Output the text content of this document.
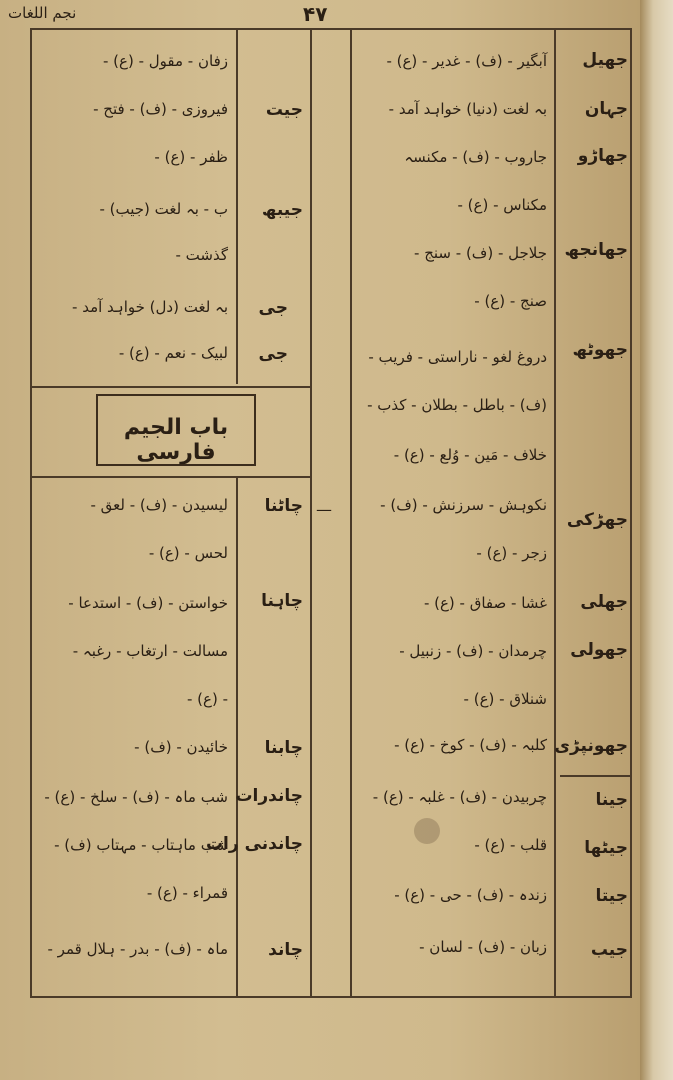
نجم اللغات	۴۷
باب الجیم فارسی
—
جھیل
آبگیر - (ف) - غدیر - (ع) -
جہان
بہ لغت (دنیا) خواہد آمد -
جھاڑو
جاروب - (ف) - مکنسہ
مکناس - (ع) -
جھانجھ
جلاجل - (ف) - سنج -
صنج - (ع) -
جھوٹھ
دروغ لغو - ناراستی - فریب -
(ف) - باطل - بطلان - کذب -
خلاف - مَین - وُلع - (ع) -
جھڑکی
نکوہش - سرزنش - (ف) -
زجر - (ع) -
جھلی
غشا - صفاق - (ع) -
جھولی
چرمدان - (ف) - زنبیل -
شنلاق - (ع) -
جھونپڑی
کلبہ - (ف) - کوخ - (ع) -
جینا
چربیدن - (ف) - غلبہ - (ع) -
جیٹھا
قلب - (ع) -
جیتا
زندہ - (ف) - حی - (ع) -
جیب
زبان - (ف) - لسان -
زفان - مقول - (ع) -
جیت
فیروزی - (ف) - فتح -
ظفر - (ع) -
جیبھ
ب - بہ لغت (جیب) -
گذشت -
جی
بہ لغت (دل) خواہد آمد -
جی
لبیک - نعم - (ع) -
چاٹنا
لیسیدن - (ف) - لعق -
لحس - (ع) -
چاہنا
خواستن - (ف) - استدعا -
مسالت - ارتغاب - رغبہ -
- (ع) -
چابنا
خائیدن - (ف) -
چاندرات
شب ماہ - (ف) - سلخ - (ع) -
چاندنی رات
شب ماہتاب - مہتاب (ف) -
قمراء - (ع) -
چاند
ماہ - (ف) - بدر - ہلال قمر -
